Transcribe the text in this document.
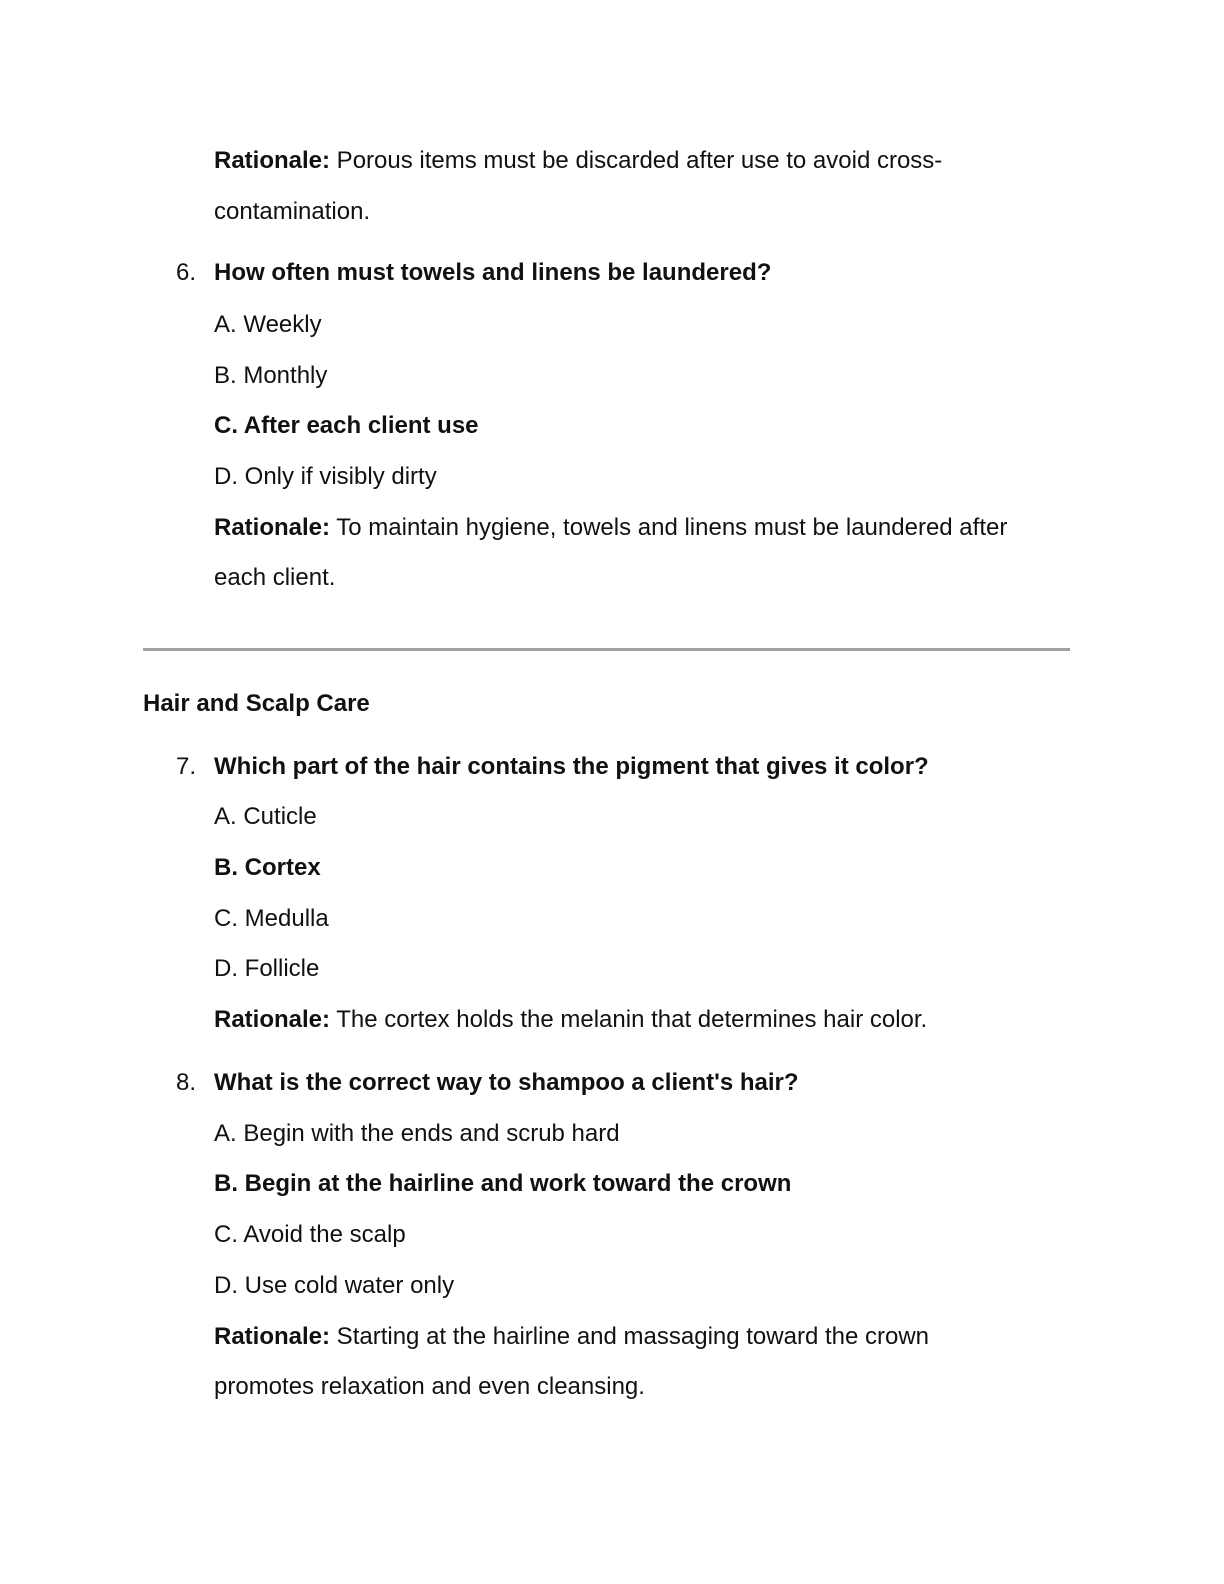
Rationale: Porous items must be discarded after use to avoid cross-
contamination.
6. How often must towels and linens be laundered?
A. Weekly
B. Monthly
C. After each client use
D. Only if visibly dirty
Rationale: To maintain hygiene, towels and linens must be laundered after
each client.
Hair and Scalp Care
7. Which part of the hair contains the pigment that gives it color?
A. Cuticle
B. Cortex
C. Medulla
D. Follicle
Rationale: The cortex holds the melanin that determines hair color.
8. What is the correct way to shampoo a client's hair?
A. Begin with the ends and scrub hard
B. Begin at the hairline and work toward the crown
C. Avoid the scalp
D. Use cold water only
Rationale: Starting at the hairline and massaging toward the crown
promotes relaxation and even cleansing.
